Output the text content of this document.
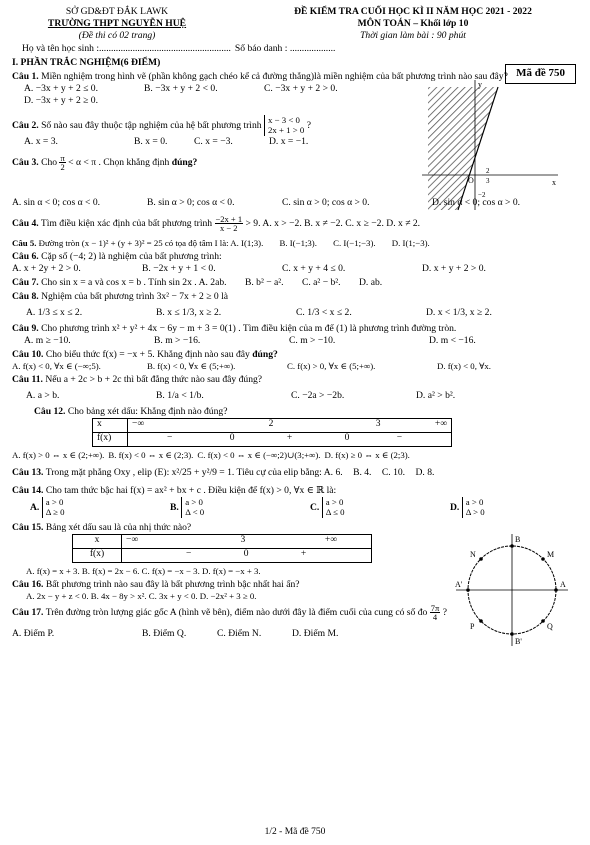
SỞ GD&ĐT ĐẮK LAWK
TRƯỜNG THPT NGUYỄN HUỆ
(Đề thi có 02 trang)
ĐỀ KIỂM TRA CUỐI HỌC KÌ II NĂM HỌC 2021 - 2022
MÔN TOÁN – Khối lớp 10
Thời gian làm bài : 90 phút
Họ và tên học sinh :....................................................... Số báo danh : ...................
Mã đề 750
I. PHẦN TRẮC NGHIỆM(6 ĐIỂM)
Câu 1. Miền nghiệm trong hình vẽ (phần không gạch chéo kể cả đường thẳng)là miền nghiệm của bất phương trình nào sau đây?
A. −3x + y + 2 ≤ 0.	B. −3x + y + 2 < 0.	C. −3x + y + 2 > 0.
D. −3x + y + 2 ≥ 0.
Câu 2. Số nào sau đây thuộc tập nghiệm của hệ bất phương trình x − 3 < 0
2x + 1 > 0 ?
A. x = 3.	B. x = 0.	C. x = −3.	D. x = −1.
Câu 3. Cho $\frac{\pi}{2} < \alpha < \pi$ . Chọn khẳng định đúng?
y
x
O
2
3
−2
A. sin α < 0; cos α < 0.	B. sin α > 0; cos α < 0.	C. sin α > 0; cos α > 0.	D. sin α < 0; cos α > 0.
Câu 4. Tìm điều kiện xác định của bất phương trình $\frac{-2x + 1}{x - 2} > 9$. A. x > −2. B. x ≠ −2. C. x ≥ −2. D. x ≠ 2.
Câu 5. Đường tròn (x − 1)² + (y + 3)² = 25 có tọa độ tâm I là: A. I(1;3). B. I(−1;3). C. I(−1;−3). D. I(1;−3).
Câu 6. Cặp số (−4; 2) là nghiệm của bất phương trình:
A. x + 2y + 2 > 0.	B. −2x + y + 1 < 0.	C. x + y + 4 ≤ 0.	D. x + y + 2 > 0.
Câu 7. Cho sin x = a và cos x = b . Tính sin 2x . A. 2ab. B. b² − a². C. a² − b². D. ab.
Câu 8. Nghiệm của bất phương trình 3x² − 7x + 2 ≥ 0 là
A. 1/3 ≤ x ≤ 2.	B. x ≤ 1/3, x ≥ 2.	C. 1/3 < x ≤ 2.	D. x < 1/3, x ≥ 2.
Câu 9. Cho phương trình x² + y² + 4x − 6y − m + 3 = 0(1) . Tìm điều kiện của m để (1) là phương trình đường tròn.
A. m ≥ −10.	B. m > −16.	C. m > −10.	D. m < −16.
Câu 10. Cho biểu thức f(x) = −x + 5. Khẳng định nào sau đây đúng?
A. f(x) < 0, ∀x ∈ (−∞;5).	B. f(x) < 0, ∀x ∈ (5;+∞).	C. f(x) > 0, ∀x ∈ (5;+∞).	D. f(x) < 0, ∀x.
Câu 11. Nếu a + 2c > b + 2c thì bất đẳng thức nào sau đây đúng?
A. a > b.	B. 1/a < 1/b.	C. −2a > −2b.	D. a² > b².
Câu 12. Cho bảng xét dấu: Khẳng định nào đúng?
x	−∞ 2 3 +∞

f(x)	− 0 + 0 −
A. f(x) > 0 ⇔ x ∈ (2;+∞). B. f(x) < 0 ⇔ x ∈ (2;3). C. f(x) < 0 ⇔ x ∈ (−∞;2)∪(3;+∞). D. f(x) ≥ 0 ⇔ x ∈ (2;3).
Câu 13. Trong mặt phẳng Oxy , elip (E): x²/25 + y²/9 = 1. Tiêu cự của elip bằng: A. 6. B. 4. C. 10. D. 8.
Câu 14. Cho tam thức bậc hai f(x) = ax² + bx + c . Điều kiện để f(x) > 0, ∀x ∈ ℝ là:
A. a > 0
Δ ≥ 0	B. a > 0
Δ < 0	C. a > 0
Δ ≤ 0	D. a > 0
Δ > 0
Câu 15. Bảng xét dấu sau là của nhị thức nào?
x	−∞ 3 +∞

f(x)	− 0 +
A. f(x) = x + 3. B. f(x) = 2x − 6. C. f(x) = −x − 3. D. f(x) = −x + 3.
Câu 16. Bất phương trình nào sau đây là bất phương trình bậc nhất hai ẩn?
A. 2x − y + z < 0. B. 4x − 8y > x². C. 3x + y < 0. D. −2x² + 3 ≥ 0.
Câu 17. Trên đường tròn lượng giác gốc A (hình vẽ bên), điểm nào dưới đây là điểm cuối của cung có số đo $\frac{7\pi}{4}$ ?
A. Điểm P.	B. Điểm Q.	C. Điểm N.	D. Điểm M.
B
M
N
A'	A
P	Q
B'
1/2 - Mã đề 750
